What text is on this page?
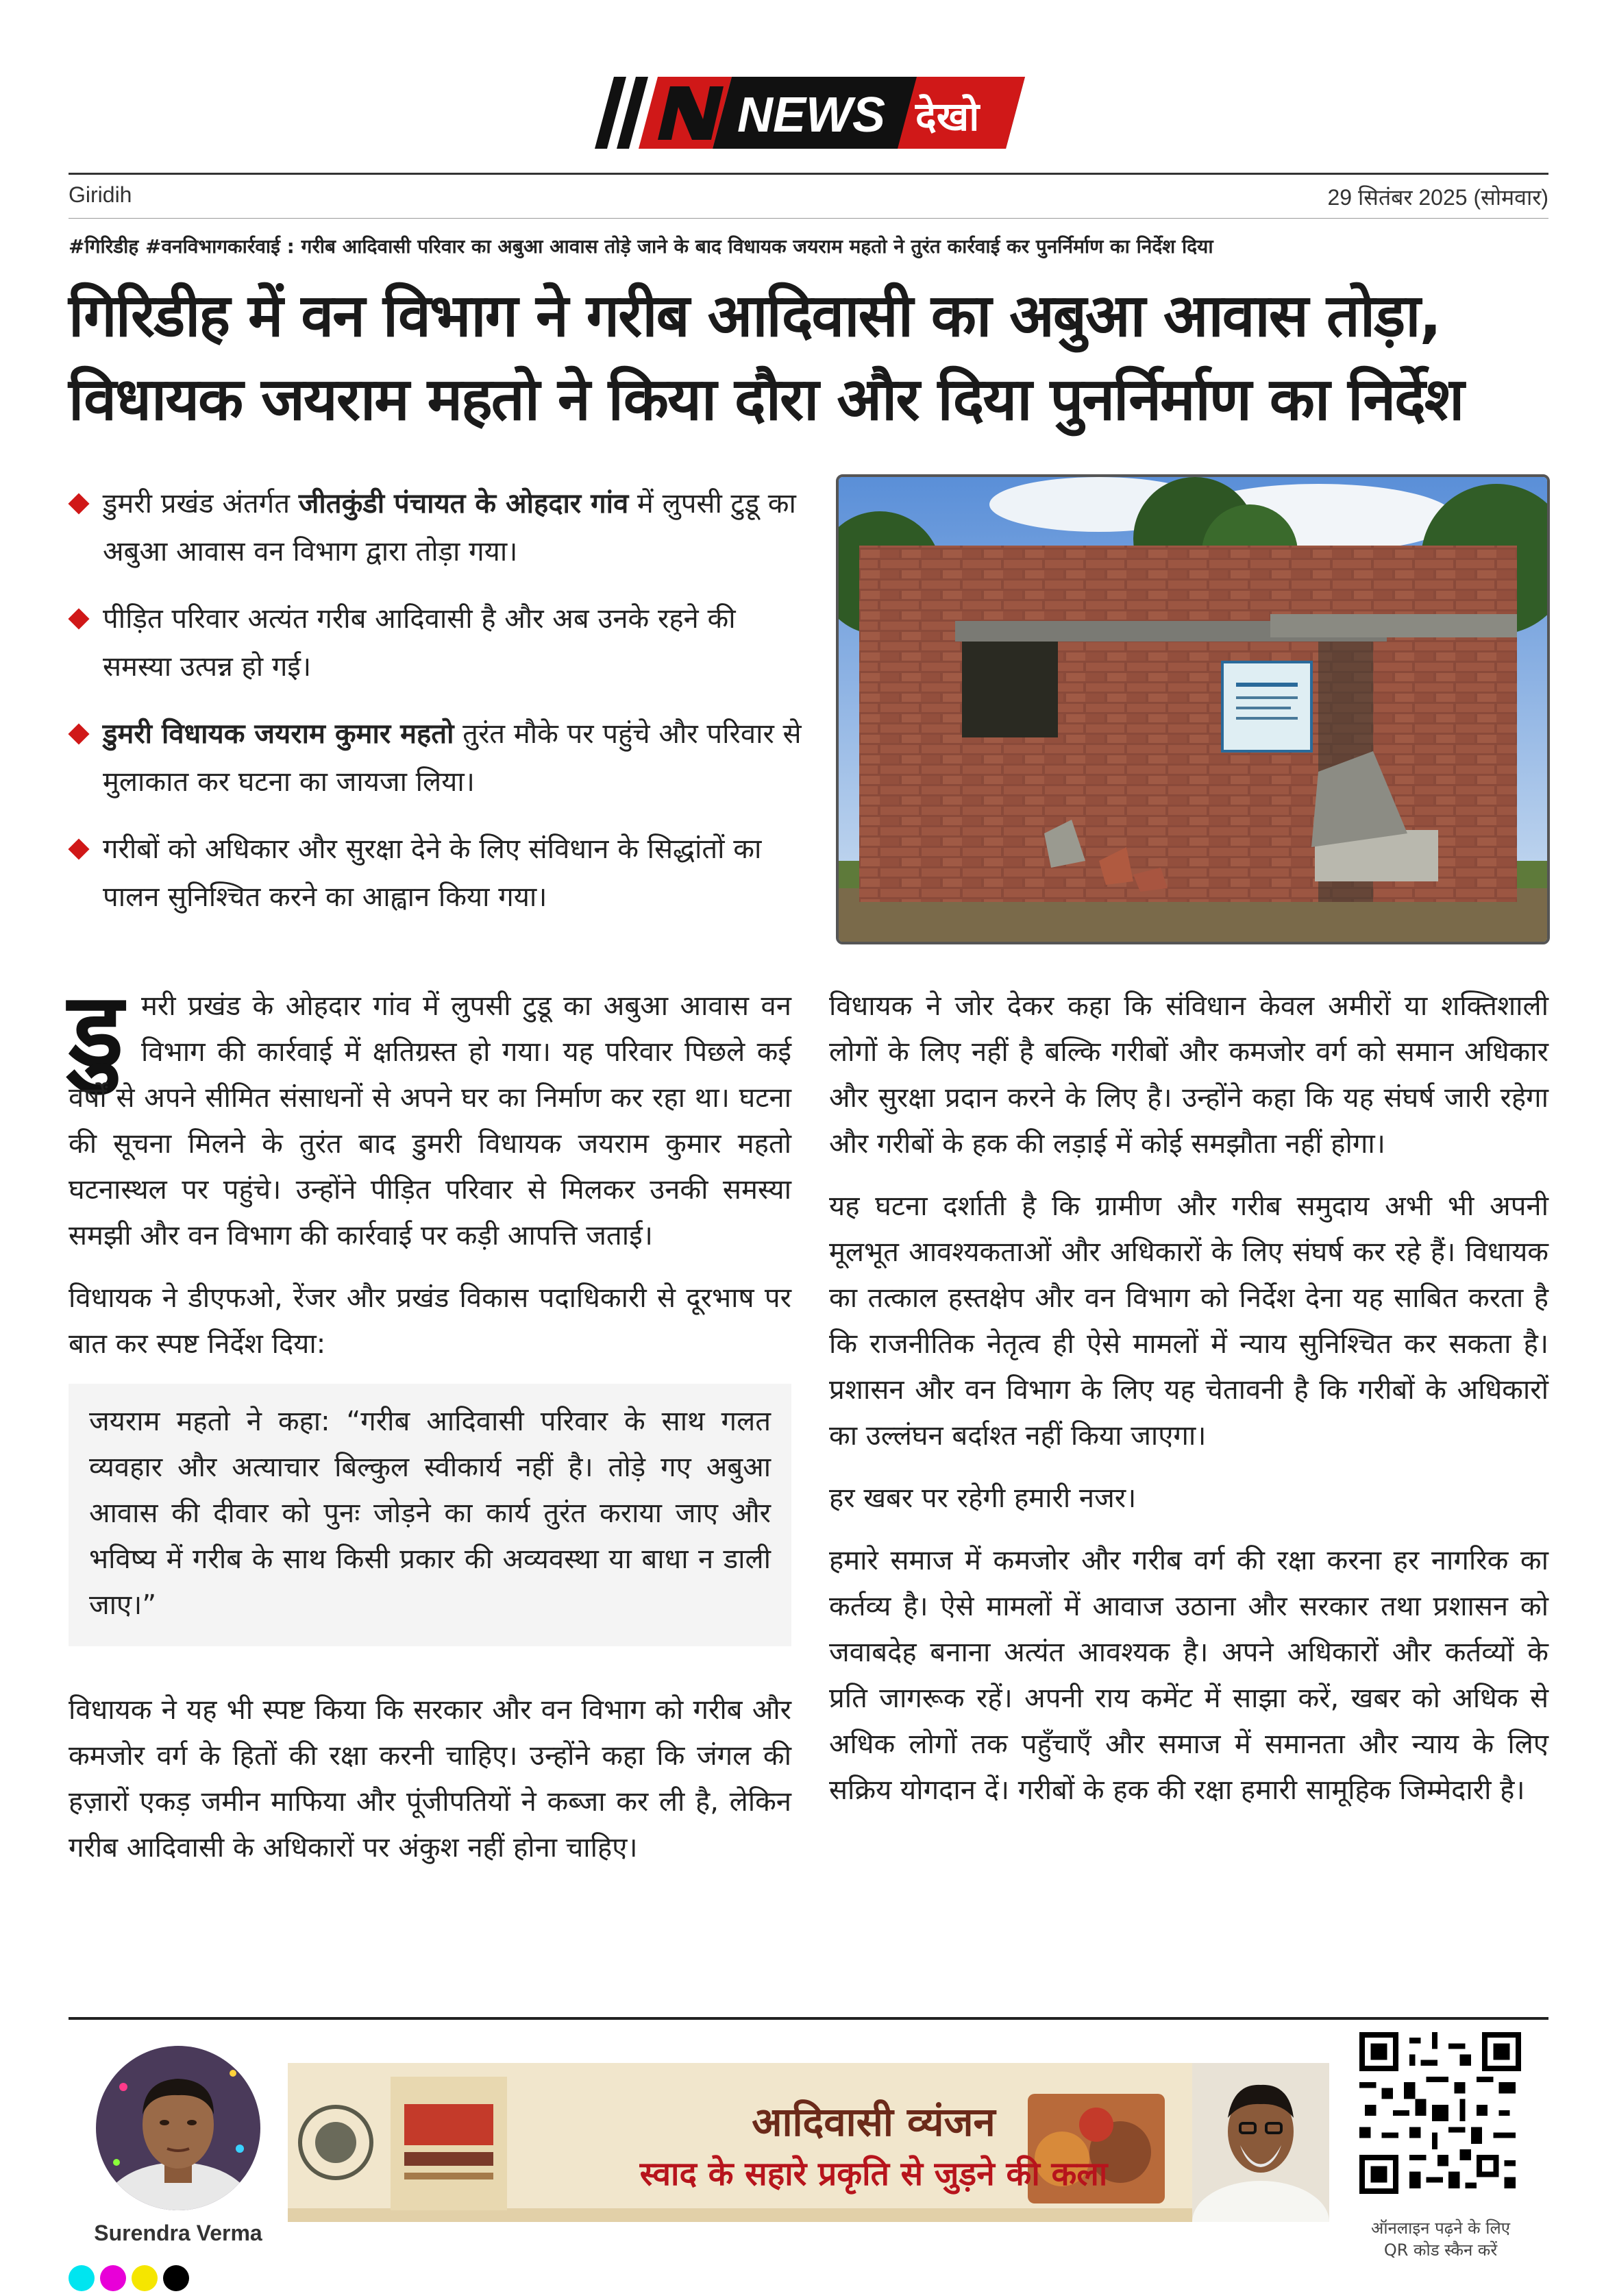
NEWS देखो
Giridih	29 सितंबर 2025 (सोमवार)
#गिरिडीह #वनविभागकार्रवाई : गरीब आदिवासी परिवार का अबुआ आवास तोड़े जाने के बाद विधायक जयराम महतो ने तुरंत कार्रवाई कर पुनर्निर्माण का निर्देश दिया
गिरिडीह में वन विभाग ने गरीब आदिवासी का अबुआ आवास तोड़ा,
विधायक जयराम महतो ने किया दौरा और दिया पुनर्निर्माण का निर्देश
डुमरी प्रखंड अंतर्गत जीतकुंडी पंचायत के ओहदार गांव में लुपसी टुडू का अबुआ आवास वन विभाग द्वारा तोड़ा गया।
पीड़ित परिवार अत्यंत गरीब आदिवासी है और अब उनके रहने की समस्या उत्पन्न हो गई।
डुमरी विधायक जयराम कुमार महतो तुरंत मौके पर पहुंचे और परिवार से मुलाकात कर घटना का जायजा लिया।
गरीबों को अधिकार और सुरक्षा देने के लिए संविधान के सिद्धांतों का पालन सुनिश्चित करने का आह्वान किया गया।
डु मरी प्रखंड के ओहदार गांव में लुपसी टुडू का अबुआ आवास वन विभाग की कार्रवाई में क्षतिग्रस्त हो गया। यह परिवार पिछले कई वर्षों से अपने सीमित संसाधनों से अपने घर का निर्माण कर रहा था। घटना की सूचना मिलने के तुरंत बाद डुमरी विधायक जयराम कुमार महतो घटनास्थल पर पहुंचे। उन्होंने पीड़ित परिवार से मिलकर उनकी समस्या समझी और वन विभाग की कार्रवाई पर कड़ी आपत्ति जताई।

विधायक ने डीएफओ, रेंजर और प्रखंड विकास पदाधिकारी से दूरभाष पर बात कर स्पष्ट निर्देश दिया:

जयराम महतो ने कहा: “गरीब आदिवासी परिवार के साथ गलत व्यवहार और अत्याचार बिल्कुल स्वीकार्य नहीं है। तोड़े गए अबुआ आवास की दीवार को पुनः जोड़ने का कार्य तुरंत कराया जाए और भविष्य में गरीब के साथ किसी प्रकार की अव्यवस्था या बाधा न डाली जाए।”

विधायक ने यह भी स्पष्ट किया कि सरकार और वन विभाग को गरीब और कमजोर वर्ग के हितों की रक्षा करनी चाहिए। उन्होंने कहा कि जंगल की हज़ारों एकड़ जमीन माफिया और पूंजीपतियों ने कब्जा कर ली है, लेकिन गरीब आदिवासी के अधिकारों पर अंकुश नहीं होना चाहिए।

विधायक ने जोर देकर कहा कि संविधान केवल अमीरों या शक्तिशाली लोगों के लिए नहीं है बल्कि गरीबों और कमजोर वर्ग को समान अधिकार और सुरक्षा प्रदान करने के लिए है। उन्होंने कहा कि यह संघर्ष जारी रहेगा और गरीबों के हक की लड़ाई में कोई समझौता नहीं होगा।

यह घटना दर्शाती है कि ग्रामीण और गरीब समुदाय अभी भी अपनी मूलभूत आवश्यकताओं और अधिकारों के लिए संघर्ष कर रहे हैं। विधायक का तत्काल हस्तक्षेप और वन विभाग को निर्देश देना यह साबित करता है कि राजनीतिक नेतृत्व ही ऐसे मामलों में न्याय सुनिश्चित कर सकता है। प्रशासन और वन विभाग के लिए यह चेतावनी है कि गरीबों के अधिकारों का उल्लंघन बर्दाश्त नहीं किया जाएगा।

हर खबर पर रहेगी हमारी नजर।

हमारे समाज में कमजोर और गरीब वर्ग की रक्षा करना हर नागरिक का कर्तव्य है। ऐसे मामलों में आवाज उठाना और सरकार तथा प्रशासन को जवाबदेह बनाना अत्यंत आवश्यक है। अपने अधिकारों और कर्तव्यों के प्रति जागरूक रहें। अपनी राय कमेंट में साझा करें, खबर को अधिक से अधिक लोगों तक पहुँचाएँ और समाज में समानता और न्याय के लिए सक्रिय योगदान दें। गरीबों के हक की रक्षा हमारी सामूहिक जिम्मेदारी है।

Surendra Verma
आदिवासी व्यंजन
स्वाद के सहारे प्रकृति से जुड़ने की कला
ऑनलाइन पढ़ने के लिए
QR कोड स्कैन करें
